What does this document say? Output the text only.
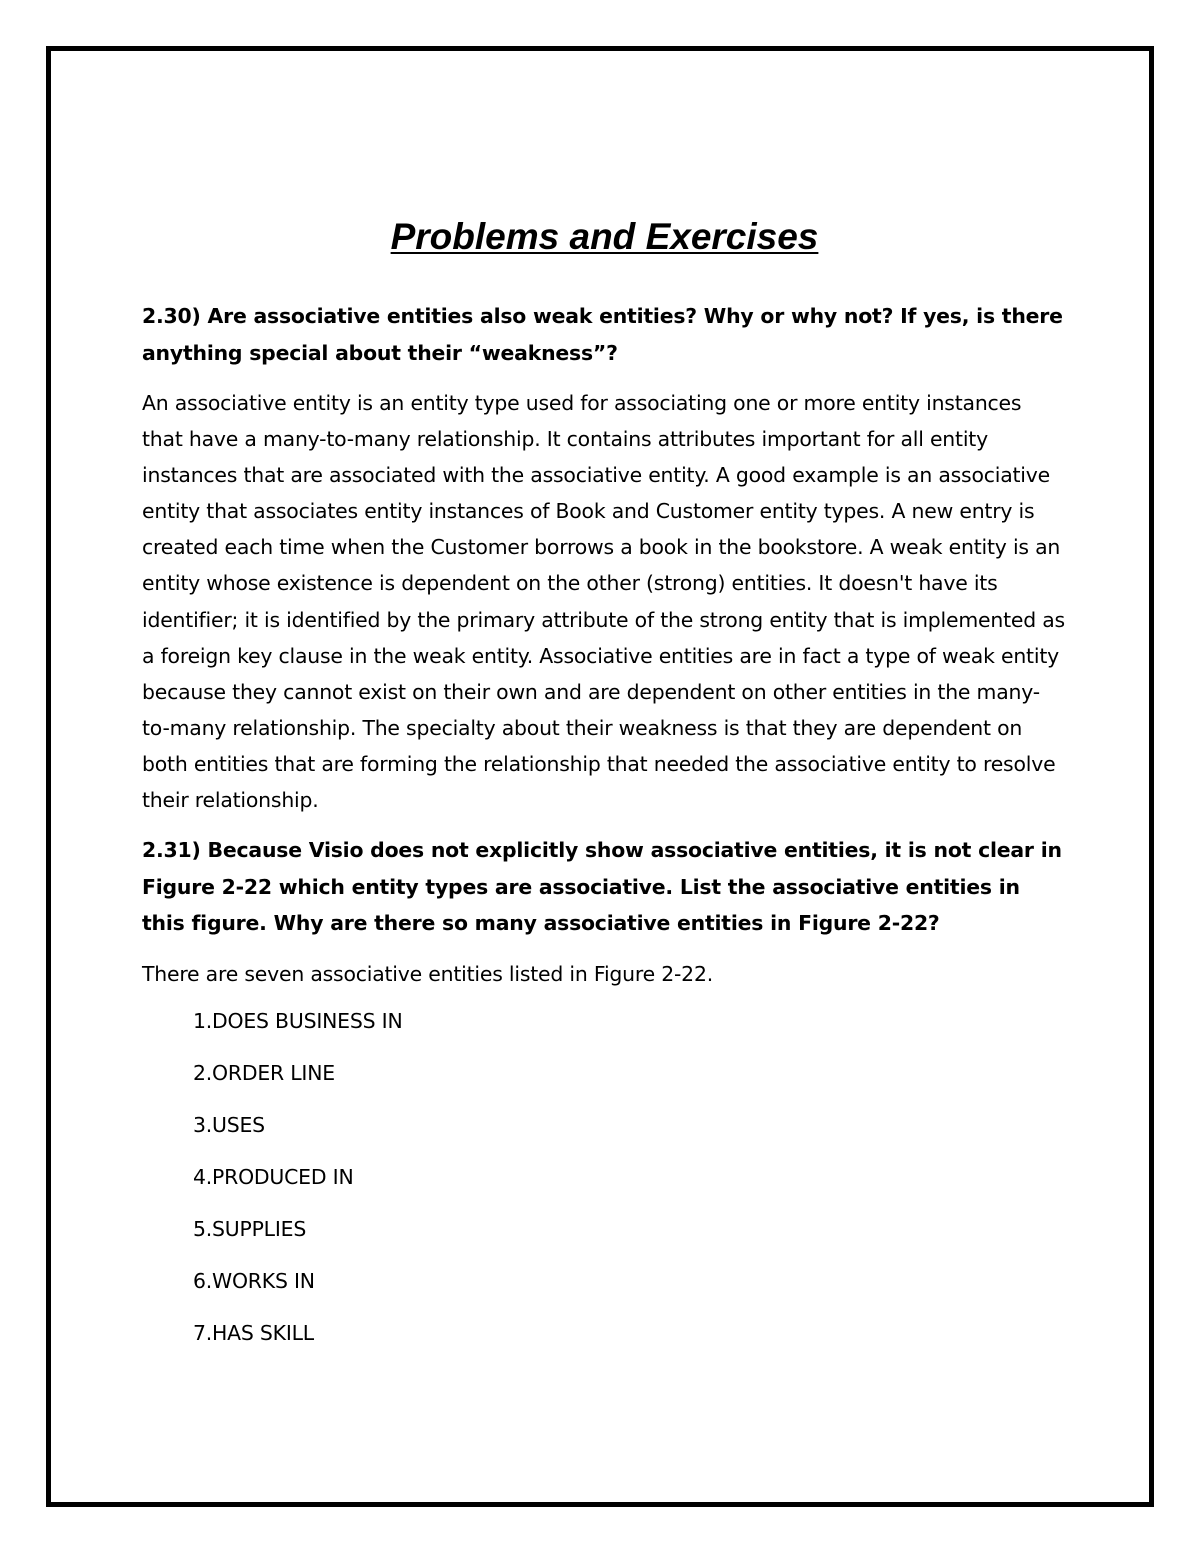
Problems and Exercises

2.30) Are associative entities also weak entities? Why or why not? If yes, is there anything special about their “weakness”?

An associative entity is an entity type used for associating one or more entity instances that have a many-to-many relationship. It contains attributes important for all entity instances that are associated with the associative entity. A good example is an associative entity that associates entity instances of Book and Customer entity types. A new entry is created each time when the Customer borrows a book in the bookstore. A weak entity is an entity whose existence is dependent on the other (strong) entities. It doesn't have its identifier; it is identified by the primary attribute of the strong entity that is implemented as a foreign key clause in the weak entity. Associative entities are in fact a type of weak entity because they cannot exist on their own and are dependent on other entities in the many-to-many relationship. The specialty about their weakness is that they are dependent on both entities that are forming the relationship that needed the associative entity to resolve their relationship.

2.31) Because Visio does not explicitly show associative entities, it is not clear in Figure 2-22 which entity types are associative. List the associative entities in this figure. Why are there so many associative entities in Figure 2-22?

There are seven associative entities listed in Figure 2-22.

1. DOES BUSINESS IN
2. ORDER LINE
3. USES
4. PRODUCED IN
5. SUPPLIES
6. WORKS IN
7. HAS SKILL
